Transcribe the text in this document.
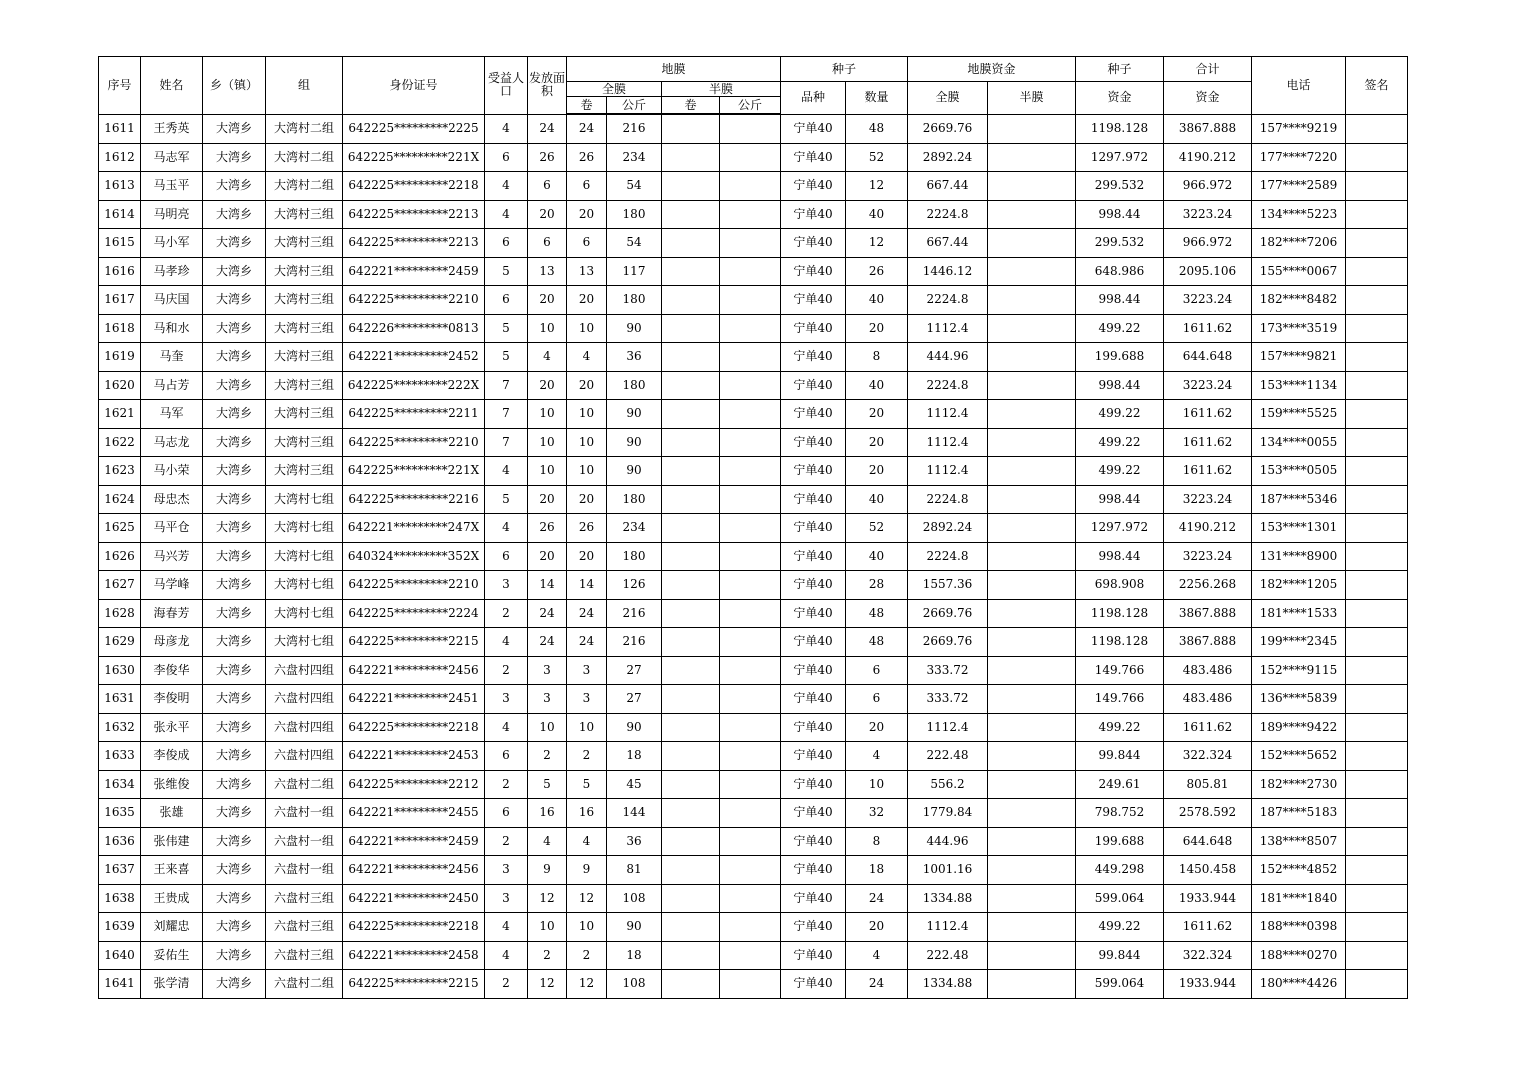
序号	姓名	乡（镇）	组	身份证号	受益人口	发放面积	地膜				种子		地膜资金		种子	合计	电话	签名
							全膜		半膜		品种	数量	全膜	半膜	资金	资金		
							卷	公斤	卷	公斤								
1611	王秀英	大湾乡	大湾村二组	642225*********2225	4	24	24	216			宁单40	48	2669.76		1198.128	3867.888	157****9219	
1612	马志军	大湾乡	大湾村二组	642225*********221X	6	26	26	234			宁单40	52	2892.24		1297.972	4190.212	177****7220	
1613	马玉平	大湾乡	大湾村二组	642225*********2218	4	6	6	54			宁单40	12	667.44		299.532	966.972	177****2589	
1614	马明亮	大湾乡	大湾村三组	642225*********2213	4	20	20	180			宁单40	40	2224.8		998.44	3223.24	134****5223	
1615	马小军	大湾乡	大湾村三组	642225*********2213	6	6	6	54			宁单40	12	667.44		299.532	966.972	182****7206	
1616	马孝珍	大湾乡	大湾村三组	642221*********2459	5	13	13	117			宁单40	26	1446.12		648.986	2095.106	155****0067	
1617	马庆国	大湾乡	大湾村三组	642225*********2210	6	20	20	180			宁单40	40	2224.8		998.44	3223.24	182****8482	
1618	马和水	大湾乡	大湾村三组	642226*********0813	5	10	10	90			宁单40	20	1112.4		499.22	1611.62	173****3519	
1619	马奎	大湾乡	大湾村三组	642221*********2452	5	4	4	36			宁单40	8	444.96		199.688	644.648	157****9821	
1620	马占芳	大湾乡	大湾村三组	642225*********222X	7	20	20	180			宁单40	40	2224.8		998.44	3223.24	153****1134	
1621	马军	大湾乡	大湾村三组	642225*********2211	7	10	10	90			宁单40	20	1112.4		499.22	1611.62	159****5525	
1622	马志龙	大湾乡	大湾村三组	642225*********2210	7	10	10	90			宁单40	20	1112.4		499.22	1611.62	134****0055	
1623	马小荣	大湾乡	大湾村三组	642225*********221X	4	10	10	90			宁单40	20	1112.4		499.22	1611.62	153****0505	
1624	母忠杰	大湾乡	大湾村七组	642225*********2216	5	20	20	180			宁单40	40	2224.8		998.44	3223.24	187****5346	
1625	马平仓	大湾乡	大湾村七组	642221*********247X	4	26	26	234			宁单40	52	2892.24		1297.972	4190.212	153****1301	
1626	马兴芳	大湾乡	大湾村七组	640324*********352X	6	20	20	180			宁单40	40	2224.8		998.44	3223.24	131****8900	
1627	马学峰	大湾乡	大湾村七组	642225*********2210	3	14	14	126			宁单40	28	1557.36		698.908	2256.268	182****1205	
1628	海春芳	大湾乡	大湾村七组	642225*********2224	2	24	24	216			宁单40	48	2669.76		1198.128	3867.888	181****1533	
1629	母彦龙	大湾乡	大湾村七组	642225*********2215	4	24	24	216			宁单40	48	2669.76		1198.128	3867.888	199****2345	
1630	李俊华	大湾乡	六盘村四组	642221*********2456	2	3	3	27			宁单40	6	333.72		149.766	483.486	152****9115	
1631	李俊明	大湾乡	六盘村四组	642221*********2451	3	3	3	27			宁单40	6	333.72		149.766	483.486	136****5839	
1632	张永平	大湾乡	六盘村四组	642225*********2218	4	10	10	90			宁单40	20	1112.4		499.22	1611.62	189****9422	
1633	李俊成	大湾乡	六盘村四组	642221*********2453	6	2	2	18			宁单40	4	222.48		99.844	322.324	152****5652	
1634	张维俊	大湾乡	六盘村二组	642225*********2212	2	5	5	45			宁单40	10	556.2		249.61	805.81	182****2730	
1635	张雄	大湾乡	六盘村一组	642221*********2455	6	16	16	144			宁单40	32	1779.84		798.752	2578.592	187****5183	
1636	张伟建	大湾乡	六盘村一组	642221*********2459	2	4	4	36			宁单40	8	444.96		199.688	644.648	138****8507	
1637	王来喜	大湾乡	六盘村一组	642221*********2456	3	9	9	81			宁单40	18	1001.16		449.298	1450.458	152****4852	
1638	王贵成	大湾乡	六盘村三组	642221*********2450	3	12	12	108			宁单40	24	1334.88		599.064	1933.944	181****1840	
1639	刘耀忠	大湾乡	六盘村三组	642225*********2218	4	10	10	90			宁单40	20	1112.4		499.22	1611.62	188****0398	
1640	妥佑生	大湾乡	六盘村三组	642221*********2458	4	2	2	18			宁单40	4	222.48		99.844	322.324	188****0270	
1641	张学清	大湾乡	六盘村二组	642225*********2215	2	12	12	108			宁单40	24	1334.88		599.064	1933.944	180****4426	
